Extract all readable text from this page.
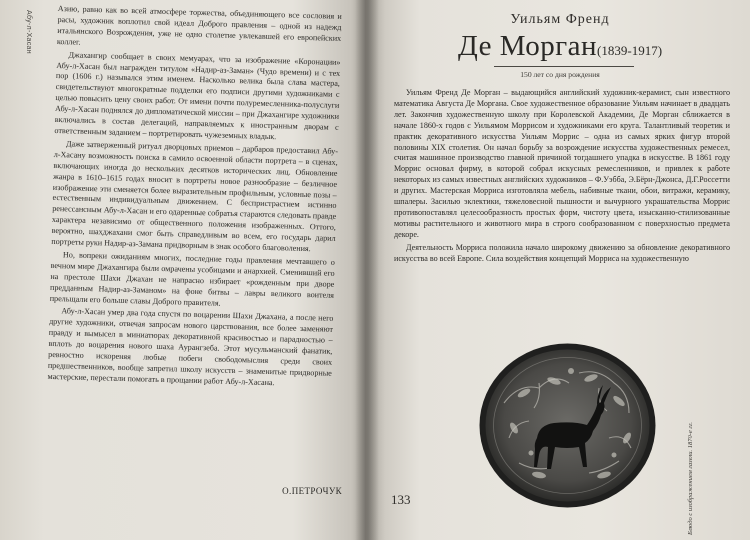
Абу-л-Хасан	Азию, равно как во всей атмосфере торжества, объединяющего все сословия и расы, художник воплотил свой идеал Доброго правления – одной из надежд итальянского Возрождения, уже не одно столетие увлекавшей его европейских коллег.

Джахангир сообщает в своих мемуарах, что за изображение «Коронации» Абу-л-Хасан был награжден титулом «Надир-аз-Заман» (Чудо времени) и с тех пор (1606 г.) назывался этим именем. Насколько велика была слава мастера, свидетельствуют многократные подделки его подписи другими художниками с целью повысить цену своих работ. От имени почти полуремесленника-полуслуги Абу-л-Хасан поднялся до дипломатической миссии – при Джахангире художники включались в состав делегаций, направляемых к иностранным дворам с ответственным заданием – портретировать чужеземных владык.

Даже затверженный ритуал дворцовых приемов – дарбаров предоставил Абу-л-Хасану возможность поиска в самило освоенной области портрета – в сценах, включающих иногда до нескольких десятков исторических лиц. Обновление жанра в 1610–1615 годах вносит в портреты новое разнообразие – безличное изображение эти сменяется более выразительным профильным, условные позы – естественным индивидуальным движением. С беспристрастием истинно ренессансным Абу-л-Хасан и его одаренные собратья стараются следовать правде характера независимо от общественного положения изображенных. Оттого, вероятно, шахджахани смог быть справедливым во всем, его государь дарил портреты руки Надир-аз-Замана придворным в знак особого благоволения.

Но, вопреки ожиданиям многих, последние годы правления мечтавшего о вечном мире Джахангира были омрачены усобицами и анархией. Сменивший его на престоле Шахи Джахан не напрасно избирает «рожденным при дворе предданным Надир-аз-Заманом» на фоне битвы – лавры великого воителя прельщали его больше славы Доброго правителя.

Абу-л-Хасан умер два года спустя по воцарении Шахи Джахана, а после него другие художники, отвечая запросам нового царствования, все более заменяют правду и вымысел в миниатюрах декоративной красивостью и парадностью – вплоть до воцарения нового шаха Аурангзеба. Этот мусульманский фанатик, ревностно искореняя любые побеги свободомыслия среди своих предшественников, вообще запретил школу искусств – знаменитые придворные мастерские, перестали помогать в прощании работ Абу-л-Хасана.

О.ПЕТРОЧУК
Уильям Френд
Де Морган(1839-1917)
150 лет со дня рождения

Уильям Френд Де Морган – выдающийся английский художник-керамист, сын известного математика Августа Де Моргана. Свое художественное образование Уильям начинает в двадцать лет. Закончив художественную школу при Королевской Академии, Де Морган сближается в начале 1860-х годов с Уильямом Моррисом и художниками его круга. Талантливый теоретик и практик декоративного искусства Уильям Моррис – одна из самых ярких фигур второй половины XIX столетия. Он начал борьбу за возрождение искусства художественных ремесел, считая машинное производство главной причиной тогдашнего упадка в искусстве. В 1861 году Моррис основал фирму, в которой собрал искусных ремесленников, и привлек к работе некоторых из самых известных английских художников – Ф.Уэбба, Э.Бёрн-Джонса, Д.Г.Россетти и других. Мастерская Морриса изготовляла мебель, набивные ткани, обои, витражи, керамику, шпалеры. Засилью эклектики, тяжеловесной пышности и вычурного украшательства Моррис противопоставлял целесообразность простых форм, чистоту цвета, изысканно-стилизованные мотивы растительного и животного мира в строго сообразованном с поверхностью предмета декоре.

Деятельность Морриса положила начало широкому движению за обновление декоративного искусства во всей Европе. Сила воздействия концепций Морриса на художественную

Блюдо с изображением газели. 1870-е гг.
133
